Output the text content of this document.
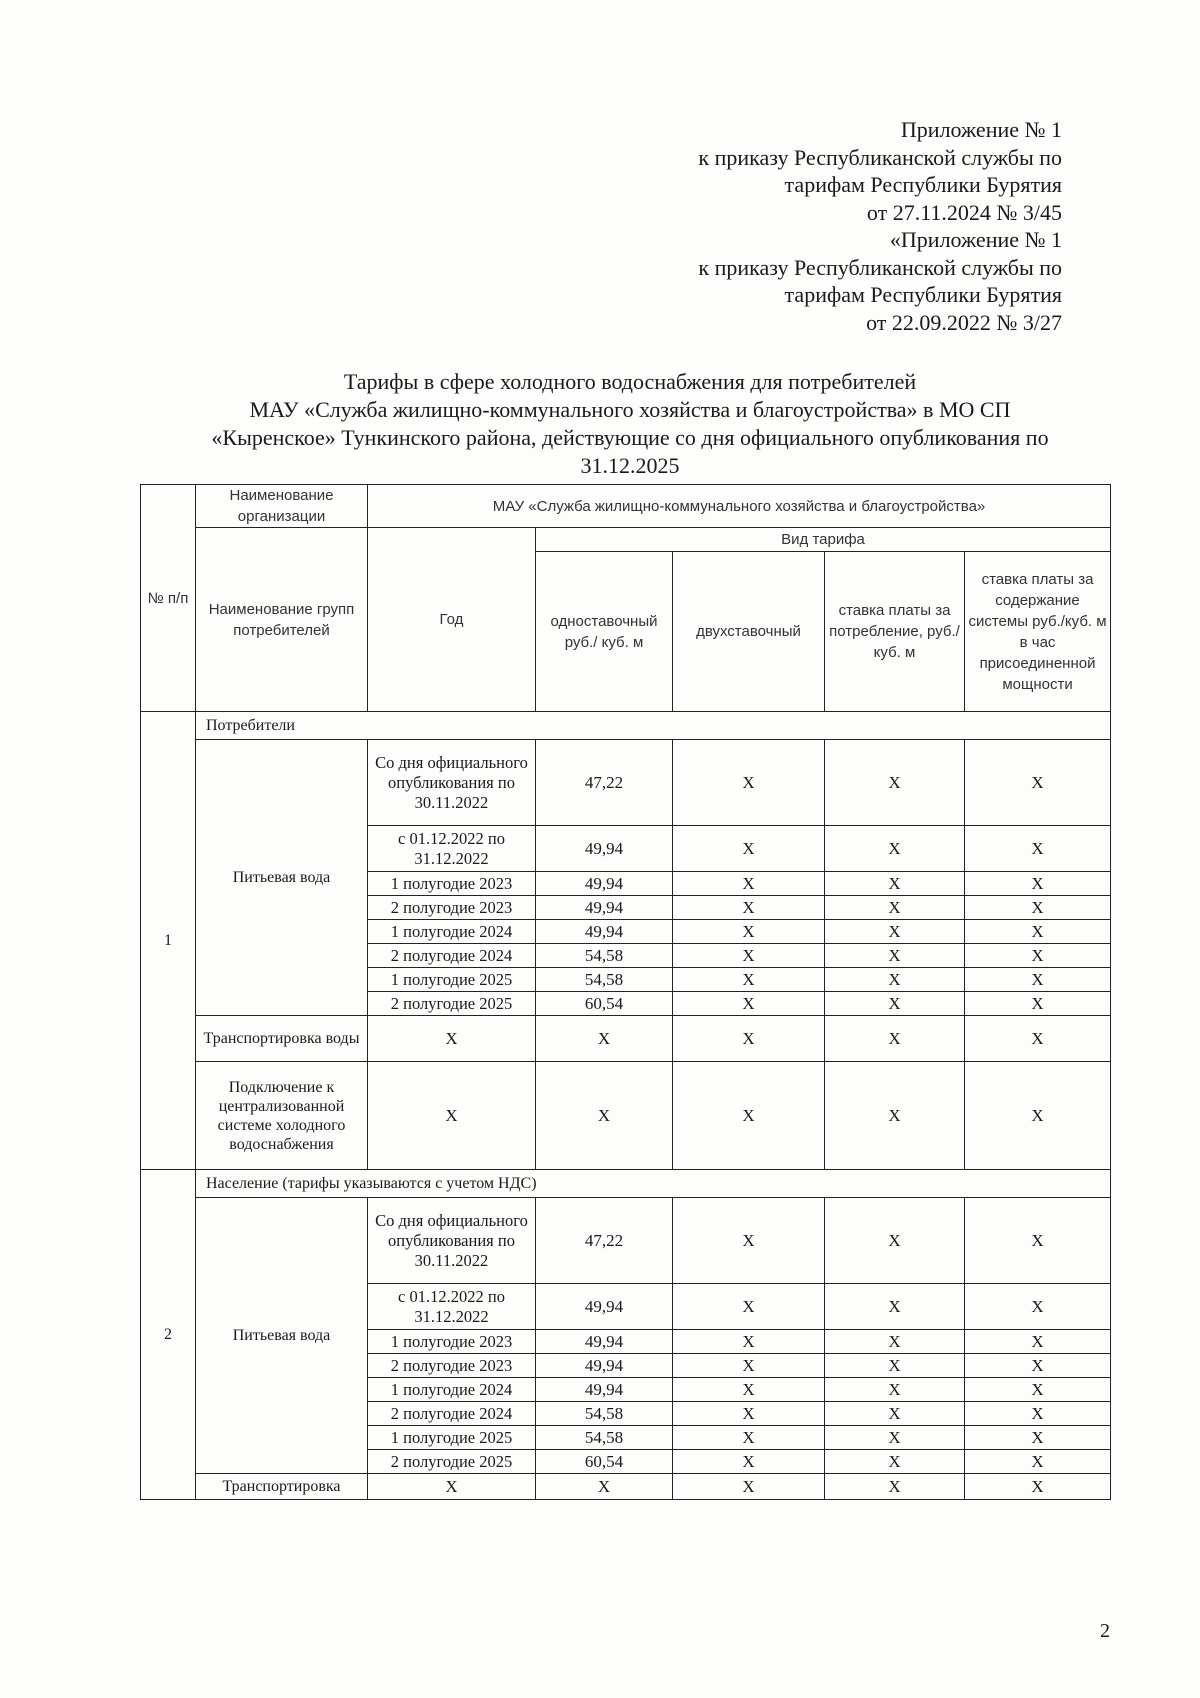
Приложение № 1
к приказу Республиканской службы по
тарифам Республики Бурятия
от 27.11.2024 № 3/45
«Приложение № 1
к приказу Республиканской службы по
тарифам Республики Бурятия
от 22.09.2022 № 3/27
Тарифы в сфере холодного водоснабжения для потребителей
МАУ «Служба жилищно-коммунального хозяйства и благоустройства» в МО СП
«Кыренское» Тункинского района, действующие со дня официального опубликования по
31.12.2025
№ п/п	Наименование организации	МАУ «Служба жилищно-коммунального хозяйства и благоустройства»				
	Наименование групп потребителей	Год	Вид тарифа			
			одноставочный руб./ куб. м	двухставочный	ставка платы за потребление, руб./ куб. м	ставка платы за содержание системы руб./куб. м в час присоединенной мощности
1	Потребители					
	Питьевая вода	Со дня официального опубликования по 30.11.2022	47,22	Х	Х	Х
		с 01.12.2022 по 31.12.2022	49,94	Х	Х	Х
		1 полугодие 2023	49,94	Х	Х	Х
		2 полугодие 2023	49,94	Х	Х	Х
		1 полугодие 2024	49,94	Х	Х	Х
		2 полугодие 2024	54,58	Х	Х	Х
		1 полугодие 2025	54,58	Х	Х	Х
		2 полугодие 2025	60,54	Х	Х	Х
	Транспортировка воды	Х	Х	Х	Х	Х
	Подключение к централизованной системе холодного водоснабжения	Х	Х	Х	Х	Х
2	Население (тарифы указываются с учетом НДС)					
	Питьевая вода	Со дня официального опубликования по 30.11.2022	47,22	Х	Х	Х
		с 01.12.2022 по 31.12.2022	49,94	Х	Х	Х
		1 полугодие 2023	49,94	Х	Х	Х
		2 полугодие 2023	49,94	Х	Х	Х
		1 полугодие 2024	49,94	Х	Х	Х
		2 полугодие 2024	54,58	Х	Х	Х
		1 полугодие 2025	54,58	Х	Х	Х
		2 полугодие 2025	60,54	Х	Х	Х
	Транспортировка	Х	Х	Х	Х	Х
2
